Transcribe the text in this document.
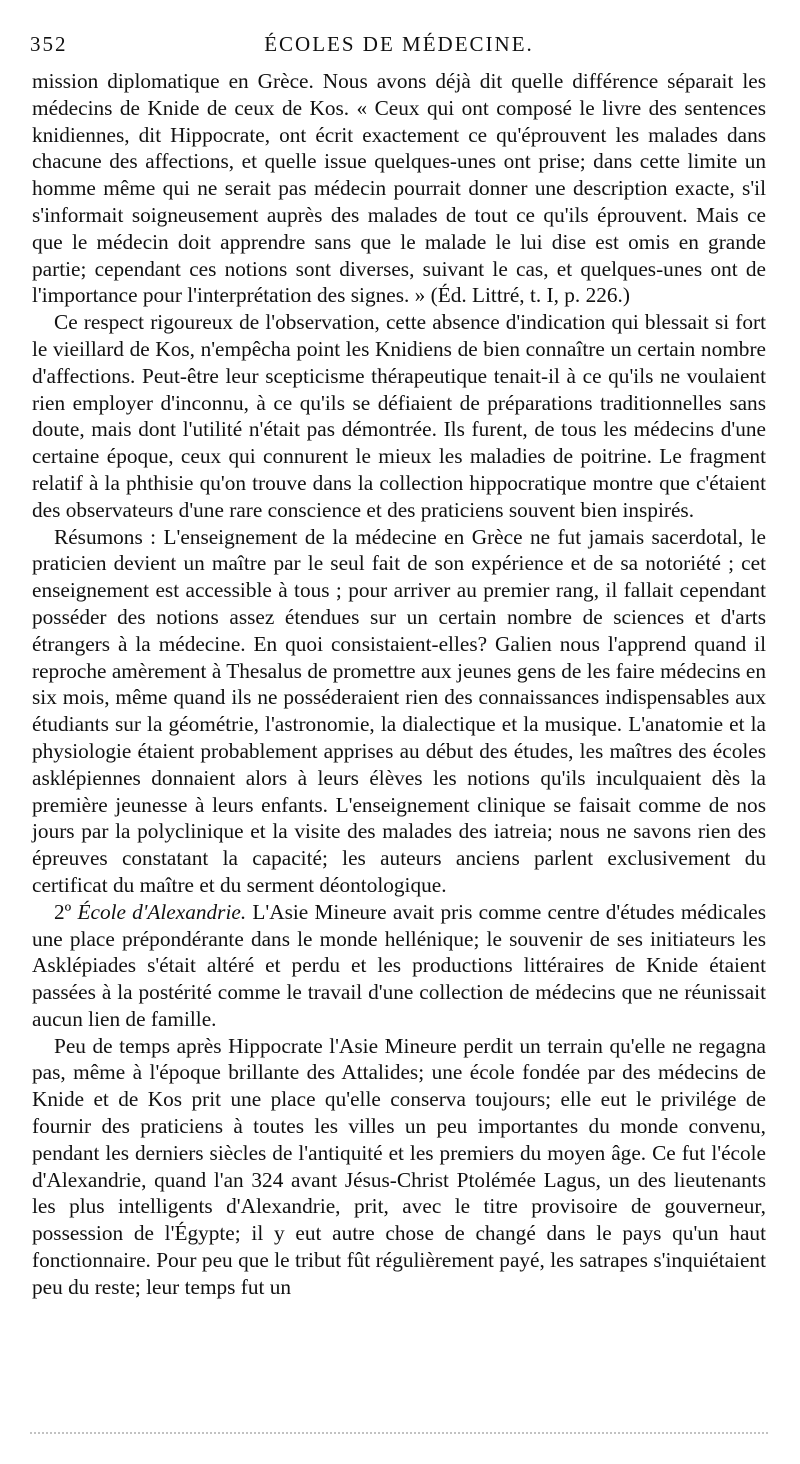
352	ÉCOLES DE MÉDECINE.

mission diplomatique en Grèce. Nous avons déjà dit quelle différence séparait les médecins de Knide de ceux de Kos. « Ceux qui ont composé le livre des sentences knidiennes, dit Hippocrate, ont écrit exactement ce qu'éprouvent les malades dans chacune des affections, et quelle issue quelques-unes ont prise; dans cette limite un homme même qui ne serait pas médecin pourrait donner une description exacte, s'il s'informait soigneusement auprès des malades de tout ce qu'ils éprouvent. Mais ce que le médecin doit apprendre sans que le malade le lui dise est omis en grande partie; cependant ces notions sont diverses, suivant le cas, et quelques-unes ont de l'importance pour l'interprétation des signes. » (Éd. Littré, t. I, p. 226.)

Ce respect rigoureux de l'observation, cette absence d'indication qui blessait si fort le vieillard de Kos, n'empêcha point les Knidiens de bien connaître un certain nombre d'affections. Peut-être leur scepticisme thérapeutique tenait-il à ce qu'ils ne voulaient rien employer d'inconnu, à ce qu'ils se défiaient de préparations traditionnelles sans doute, mais dont l'utilité n'était pas démontrée. Ils furent, de tous les médecins d'une certaine époque, ceux qui connurent le mieux les maladies de poitrine. Le fragment relatif à la phthisie qu'on trouve dans la collection hippocratique montre que c'étaient des observateurs d'une rare conscience et des praticiens souvent bien inspirés.

Résumons : L'enseignement de la médecine en Grèce ne fut jamais sacerdotal, le praticien devient un maître par le seul fait de son expérience et de sa notoriété ; cet enseignement est accessible à tous ; pour arriver au premier rang, il fallait cependant posséder des notions assez étendues sur un certain nombre de sciences et d'arts étrangers à la médecine. En quoi consistaient-elles? Galien nous l'apprend quand il reproche amèrement à Thesalus de promettre aux jeunes gens de les faire médecins en six mois, même quand ils ne posséderaient rien des connaissances indispensables aux étudiants sur la géométrie, l'astronomie, la dialectique et la musique. L'anatomie et la physiologie étaient probablement apprises au début des études, les maîtres des écoles asklépiennes donnaient alors à leurs élèves les notions qu'ils inculquaient dès la première jeunesse à leurs enfants. L'enseignement clinique se faisait comme de nos jours par la polyclinique et la visite des malades des iatreia; nous ne savons rien des épreuves constatant la capacité; les auteurs anciens parlent exclusivement du certificat du maître et du serment déontologique.

2º École d'Alexandrie. L'Asie Mineure avait pris comme centre d'études médicales une place prépondérante dans le monde hellénique; le souvenir de ses initiateurs les Asklépiades s'était altéré et perdu et les productions littéraires de Knide étaient passées à la postérité comme le travail d'une collection de médecins que ne réunissait aucun lien de famille.

Peu de temps après Hippocrate l'Asie Mineure perdit un terrain qu'elle ne regagna pas, même à l'époque brillante des Attalides; une école fondée par des médecins de Knide et de Kos prit une place qu'elle conserva toujours; elle eut le privilége de fournir des praticiens à toutes les villes un peu importantes du monde convenu, pendant les derniers siècles de l'antiquité et les premiers du moyen âge. Ce fut l'école d'Alexandrie, quand l'an 324 avant Jésus-Christ Ptolémée Lagus, un des lieutenants les plus intelligents d'Alexandrie, prit, avec le titre provisoire de gouverneur, possession de l'Égypte; il y eut autre chose de changé dans le pays qu'un haut fonctionnaire. Pour peu que le tribut fût régulièrement payé, les satrapes s'inquiétaient peu du reste; leur temps fut un
